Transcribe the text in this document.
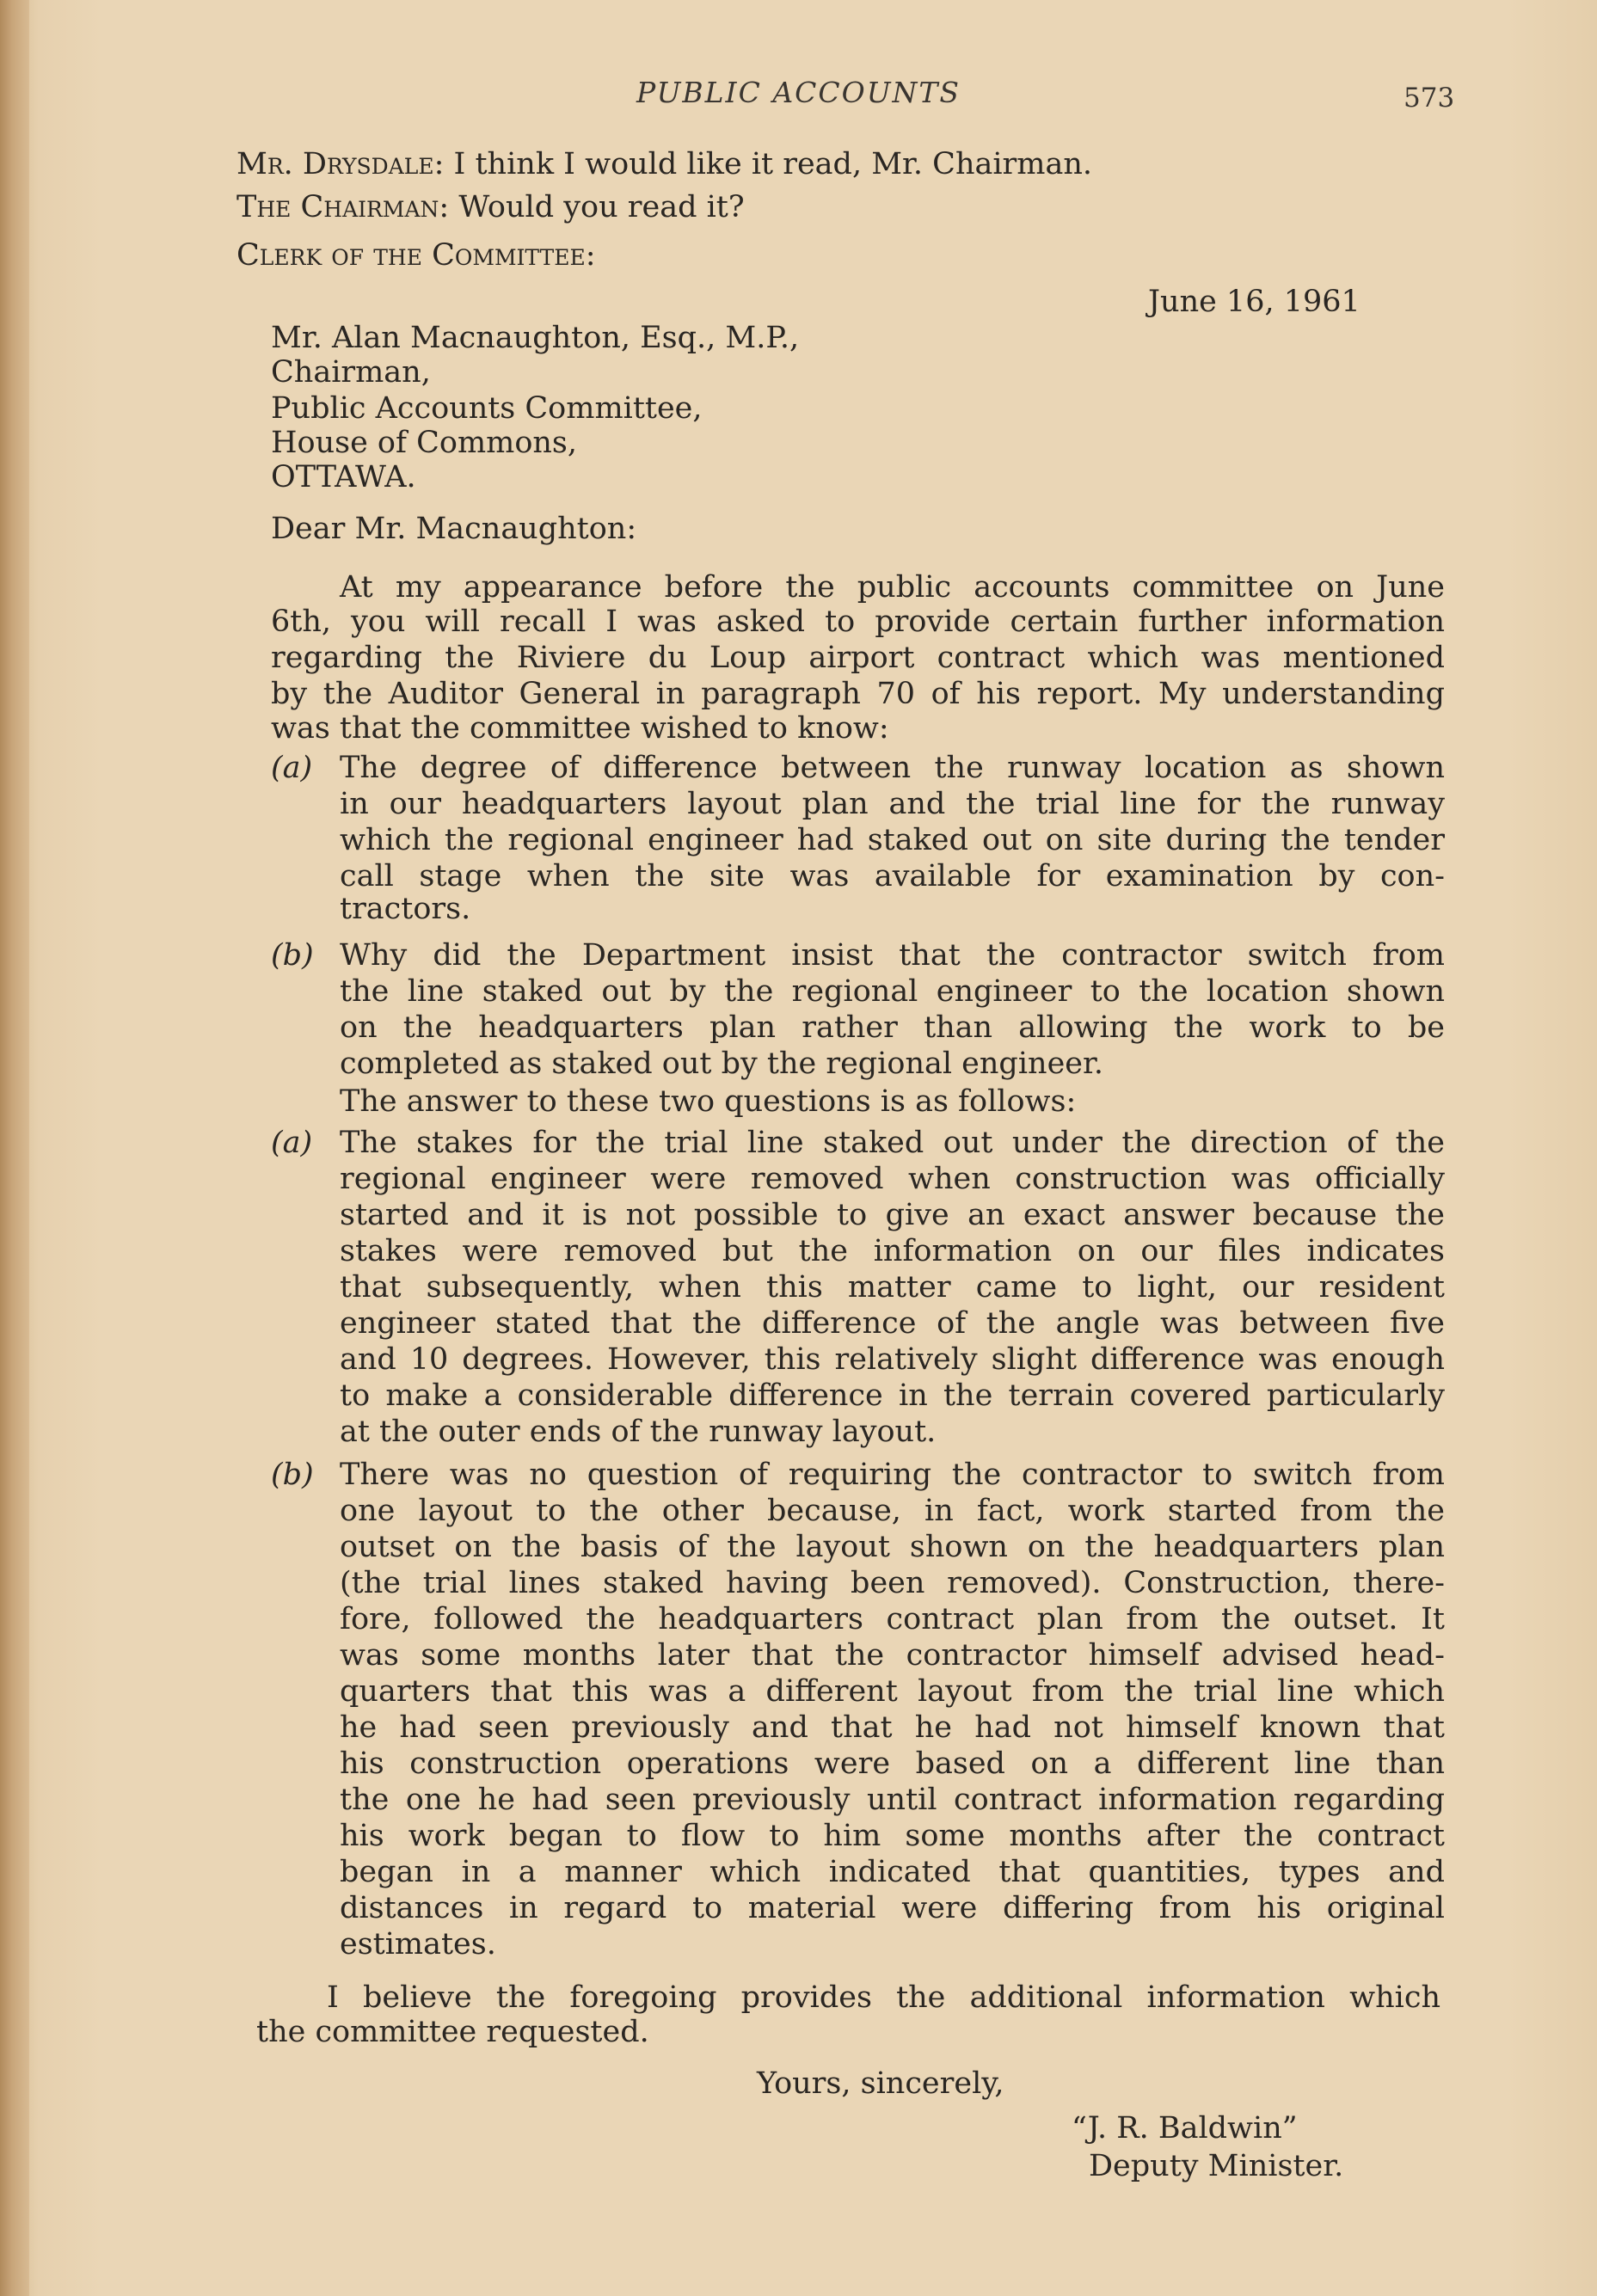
PUBLIC ACCOUNTS	573
Mr. Drysdale: I think I would like it read, Mr. Chairman.
The Chairman: Would you read it?
Clerk of the Committee:
June 16, 1961
Mr. Alan Macnaughton, Esq., M.P.,
Chairman,
Public Accounts Committee,
House of Commons,
OTTAWA.
Dear Mr. Macnaughton:
At my appearance before the public accounts committee on June
6th, you will recall I was asked to provide certain further information
regarding the Riviere du Loup airport contract which was mentioned
by the Auditor General in paragraph 70 of his report. My understanding
was that the committee wished to know:
(a) The degree of difference between the runway location as shown
in our headquarters layout plan and the trial line for the runway
which the regional engineer had staked out on site during the tender
call stage when the site was available for examination by con-
tractors.
(b) Why did the Department insist that the contractor switch from
the line staked out by the regional engineer to the location shown
on the headquarters plan rather than allowing the work to be
completed as staked out by the regional engineer.
The answer to these two questions is as follows:
(a) The stakes for the trial line staked out under the direction of the
regional engineer were removed when construction was officially
started and it is not possible to give an exact answer because the
stakes were removed but the information on our files indicates
that subsequently, when this matter came to light, our resident
engineer stated that the difference of the angle was between five
and 10 degrees. However, this relatively slight difference was enough
to make a considerable difference in the terrain covered particularly
at the outer ends of the runway layout.
(b) There was no question of requiring the contractor to switch from
one layout to the other because, in fact, work started from the
outset on the basis of the layout shown on the headquarters plan
(the trial lines staked having been removed). Construction, there-
fore, followed the headquarters contract plan from the outset. It
was some months later that the contractor himself advised head-
quarters that this was a different layout from the trial line which
he had seen previously and that he had not himself known that
his construction operations were based on a different line than
the one he had seen previously until contract information regarding
his work began to flow to him some months after the contract
began in a manner which indicated that quantities, types and
distances in regard to material were differing from his original
estimates.
I believe the foregoing provides the additional information which
the committee requested.
Yours, sincerely,
“J. R. Baldwin”
Deputy Minister.
